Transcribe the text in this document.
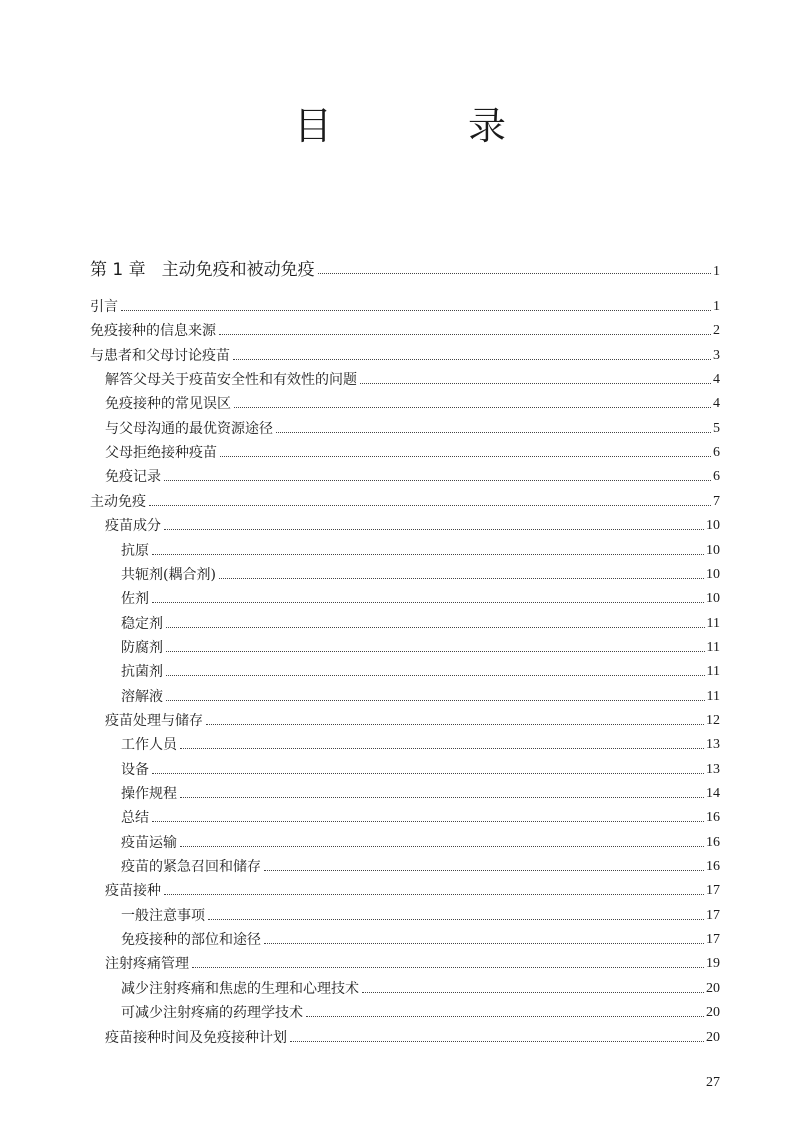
目 录
第 1 章 主动免疫和被动免疫	1
引言	1
免疫接种的信息来源	2
与患者和父母讨论疫苗	3
解答父母关于疫苗安全性和有效性的问题	4
免疫接种的常见误区	4
与父母沟通的最优资源途径	5
父母拒绝接种疫苗	6
免疫记录	6
主动免疫	7
疫苗成分	10
抗原	10
共轭剂(耦合剂)	10
佐剂	10
稳定剂	11
防腐剂	11
抗菌剂	11
溶解液	11
疫苗处理与储存	12
工作人员	13
设备	13
操作规程	14
总结	16
疫苗运输	16
疫苗的紧急召回和储存	16
疫苗接种	17
一般注意事项	17
免疫接种的部位和途径	17
注射疼痛管理	19
减少注射疼痛和焦虑的生理和心理技术	20
可减少注射疼痛的药理学技术	20
疫苗接种时间及免疫接种计划	20
27
